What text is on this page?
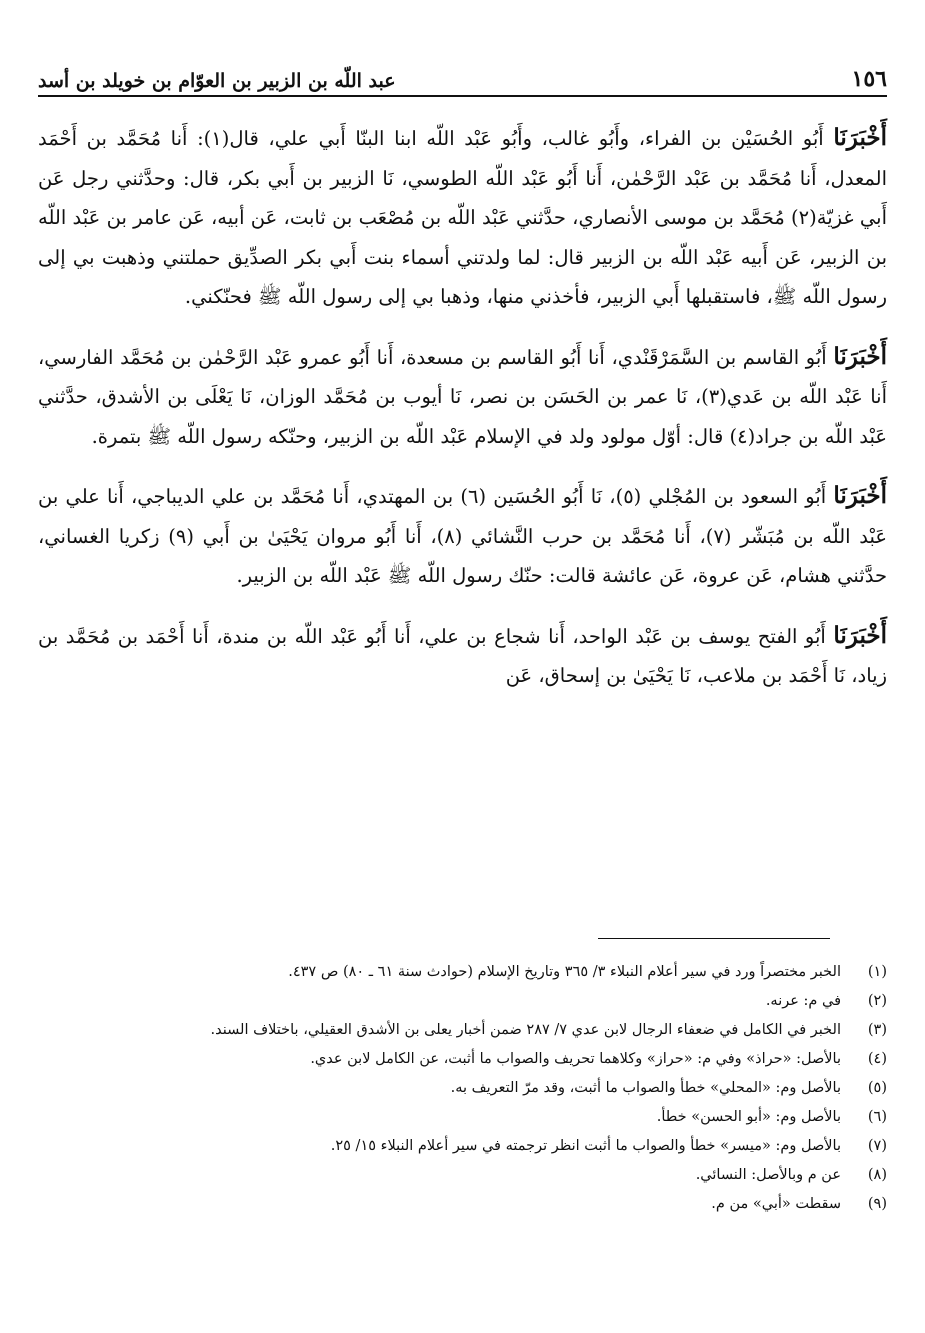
١٥٦
عبد اللّه بن الزبير بن العوّام بن خويلد بن أسد

أَخْبَرَنَا أَبُو الحُسَيْن بن الفراء، وأَبُو غالب، وأَبُو عَبْد اللّه ابنا البنّا أَبي علي، قال(١): أَنا مُحَمَّد بن أَحْمَد المعدل، أَنا مُحَمَّد بن عَبْد الرَّحْمٰن، أَنا أَبُو عَبْد اللّه الطوسي، نَا الزبير بن أَبي بكر، قال: وحدَّثني رجل عَن أَبي غزيّة(٢) مُحَمَّد بن موسى الأنصاري، حدَّثني عَبْد اللّه بن مُصْعَب بن ثابت، عَن أبيه، عَن عامر بن عَبْد اللّه بن الزبير، عَن أَبيه عَبْد اللّه بن الزبير قال: لما ولدتني أسماء بنت أَبي بكر الصدِّيق حملتني وذهبت بي إلى رسول اللّه ﷺ، فاستقبلها أَبي الزبير، فأخذني منها، وذهبا بي إلى رسول اللّه ﷺ فحنّكني.

أَخْبَرَنَا أَبُو القاسم بن السَّمَرْقَنْدي، أَنا أَبُو القاسم بن مسعدة، أَنا أَبُو عمرو عَبْد الرَّحْمٰن بن مُحَمَّد الفارسي، أَنا عَبْد اللّه بن عَدي(٣)، نَا عمر بن الحَسَن بن نصر، نَا أيوب بن مُحَمَّد الوزان، نَا يَعْلَى بن الأشدق، حدَّثني عَبْد اللّه بن جراد(٤) قال: أوّل مولود ولد في الإسلام عَبْد اللّه بن الزبير، وحنّكه رسول اللّه ﷺ بتمرة.

أَخْبَرَنَا أَبُو السعود بن المُجْلي (٥)، نَا أَبُو الحُسَين (٦) بن المهتدي، أَنا مُحَمَّد بن علي الديباجي، أَنا علي بن عَبْد اللّه بن مُبَشّر (٧)، أَنا مُحَمَّد بن حرب النَّشائي (٨)، أَنا أَبُو مروان يَحْيَىٰ بن أَبي (٩) زكريا الغساني، حدَّثني هشام، عَن عروة، عَن عائشة قالت: حنّك رسول اللّه ﷺ عَبْد اللّه بن الزبير.

أَخْبَرَنَا أَبُو الفتح يوسف بن عَبْد الواحد، أَنا شجاع بن علي، أَنا أَبُو عَبْد اللّه بن مندة، أَنا أَحْمَد بن مُحَمَّد بن زياد، نَا أَحْمَد بن ملاعب، نَا يَحْيَىٰ بن إسحاق، عَن

(١)
الخبر مختصراً ورد في سير أعلام النبلاء ٣/ ٣٦٥ وتاريخ الإسلام (حوادث سنة ٦١ ـ ٨٠) ص ٤٣٧.
(٢)
في م: عرنه.
(٣)
الخبر في الكامل في ضعفاء الرجال لابن عدي ٧/ ٢٨٧ ضمن أخبار يعلى بن الأشدق العقيلي، باختلاف السند.
(٤)
بالأصل: «حراذ» وفي م: «حراز» وكلاهما تحريف والصواب ما أثبت، عن الكامل لابن عدي.
(٥)
بالأصل وم: «المحلي» خطأ والصواب ما أثبت، وقد مرّ التعريف به.
(٦)
بالأصل وم: «أبو الحسن» خطأ.
(٧)
بالأصل وم: «ميسر» خطأ والصواب ما أثبت انظر ترجمته في سير أعلام النبلاء ١٥/ ٢٥.
(٨)
عن م وبالأصل: النسائي.
(٩)
سقطت «أبي» من م.
